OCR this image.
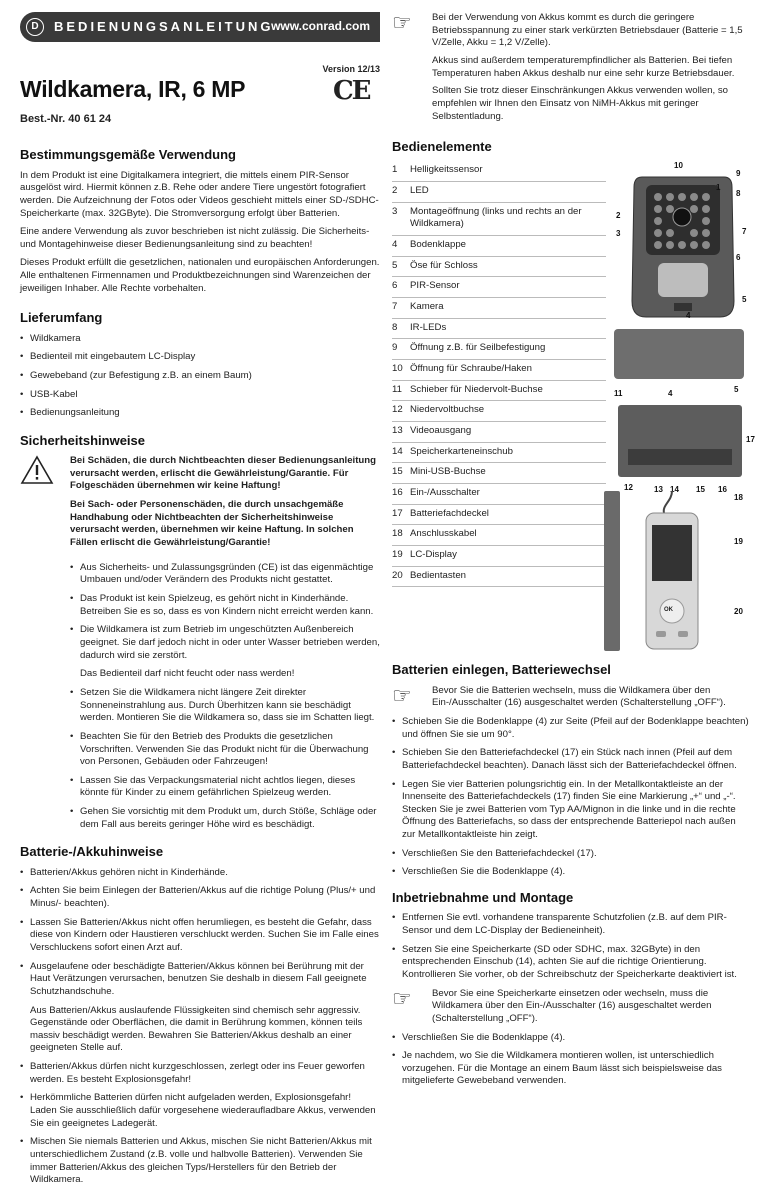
D	BEDIENUNGSANLEITUNG
www.conrad.com
Wildkamera, IR, 6 MP
Version 12/13
CE
Best.-Nr. 40 61 24
Bestimmungsgemäße Verwendung

In dem Produkt ist eine Digitalkamera integriert, die mittels einem PIR-Sensor ausgelöst wird. Hiermit können z.B. Rehe oder andere Tiere ungestört fotografiert werden. Die Aufzeichnung der Fotos oder Videos geschieht mittels einer SD-/SDHC-Speicherkarte (max. 32GByte). Die Stromversorgung erfolgt über Batterien.

Eine andere Verwendung als zuvor beschrieben ist nicht zulässig. Die Sicherheits- und Montagehinweise dieser Bedienungsanleitung sind zu beachten!

Dieses Produkt erfüllt die gesetzlichen, nationalen und europäischen Anforderungen. Alle enthaltenen Firmennamen und Produktbezeichnungen sind Warenzeichen der jeweiligen Inhaber. Alle Rechte vorbehalten.

Lieferumfang
• Wildkamera
• Bedienteil mit eingebautem LC-Display
• Gewebeband (zur Befestigung z.B. an einem Baum)
• USB-Kabel
• Bedienungsanleitung
Sicherheitshinweise

Bei Schäden, die durch Nichtbeachten dieser Bedienungsanleitung verursacht werden, erlischt die Gewährleistung/Garantie. Für Folgeschäden übernehmen wir keine Haftung!

Bei Sach- oder Personenschäden, die durch unsachgemäße Handhabung oder Nichtbeachten der Sicherheitshinweise verursacht werden, übernehmen wir keine Haftung. In solchen Fällen erlischt die Gewährleistung/Garantie!

• Aus Sicherheits- und Zulassungsgründen (CE) ist das eigenmächtige Umbauen und/oder Verändern des Produkts nicht gestattet.
• Das Produkt ist kein Spielzeug, es gehört nicht in Kinderhände. Betreiben Sie es so, dass es von Kindern nicht erreicht werden kann.
• Die Wildkamera ist zum Betrieb im ungeschützten Außenbereich geeignet. Sie darf jedoch nicht in oder unter Wasser betrieben werden, dadurch wird sie zerstört.
Das Bedienteil darf nicht feucht oder nass werden!
• Setzen Sie die Wildkamera nicht längere Zeit direkter Sonneneinstrahlung aus. Durch Überhitzen kann sie beschädigt werden. Montieren Sie die Wildkamera so, dass sie im Schatten liegt.
• Beachten Sie für den Betrieb des Produkts die gesetzlichen Vorschriften. Verwenden Sie das Produkt nicht für die Überwachung von Personen, Gebäuden oder Fahrzeugen!
• Lassen Sie das Verpackungsmaterial nicht achtlos liegen, dieses könnte für Kinder zu einem gefährlichen Spielzeug werden.
• Gehen Sie vorsichtig mit dem Produkt um, durch Stöße, Schläge oder dem Fall aus bereits geringer Höhe wird es beschädigt.
Batterie-/Akkuhinweise
• Batterien/Akkus gehören nicht in Kinderhände.
• Achten Sie beim Einlegen der Batterien/Akkus auf die richtige Polung (Plus/+ und Minus/- beachten).
• Lassen Sie Batterien/Akkus nicht offen herumliegen, es besteht die Gefahr, dass diese von Kindern oder Haustieren verschluckt werden. Suchen Sie im Falle eines Verschluckens sofort einen Arzt auf.
• Ausgelaufene oder beschädigte Batterien/Akkus können bei Berührung mit der Haut Verätzungen verursachen, benutzen Sie deshalb in diesem Fall geeignete Schutzhandschuhe.
Aus Batterien/Akkus auslaufende Flüssigkeiten sind chemisch sehr aggressiv. Gegenstände oder Oberflächen, die damit in Berührung kommen, können teils massiv beschädigt werden. Bewahren Sie Batterien/Akkus deshalb an einer geeigneten Stelle auf.
• Batterien/Akkus dürfen nicht kurzgeschlossen, zerlegt oder ins Feuer geworfen werden. Es besteht Explosionsgefahr!
• Herkömmliche Batterien dürfen nicht aufgeladen werden, Explosionsgefahr! Laden Sie ausschließlich dafür vorgesehene wiederaufladbare Akkus, verwenden Sie ein geeignetes Ladegerät.
• Mischen Sie niemals Batterien und Akkus, mischen Sie nicht Batterien/Akkus mit unterschiedlichem Zustand (z.B. volle und halbvolle Batterien). Verwenden Sie immer Batterien/Akkus des gleichen Typs/Herstellers für den Betrieb der Wildkamera.
☞	Bei der Verwendung von Akkus kommt es durch die geringere Betriebsspannung zu einer stark verkürzten Betriebsdauer (Batterie = 1,5 V/Zelle, Akku = 1,2 V/Zelle).

Akkus sind außerdem temperaturempfindlicher als Batterien. Bei tiefen Temperaturen haben Akkus deshalb nur eine sehr kurze Betriebsdauer.

Sollten Sie trotz dieser Einschränkungen Akkus verwenden wollen, so empfehlen wir Ihnen den Einsatz von NiMH-Akkus mit geringer Selbstentladung.

Bedienelemente
1	Helligkeitssensor
2	LED
3	Montageöffnung (links und rechts an der Wildkamera)
4	Bodenklappe
5	Öse für Schloss
6	PIR-Sensor
7	Kamera
8	IR-LEDs
9	Öffnung z.B. für Seilbefestigung
10	Öffnung für Schraube/Haken
11	Schieber für Niedervolt-Buchse
12	Niedervoltbuchse
13	Videoausgang
14	Speicherkarteneinschub
15	Mini-USB-Buchse
16	Ein-/Ausschalter
17	Batteriefachdeckel
18	Anschlusskabel
19	LC-Display
20	Bedientasten
10
9
1
8
2
3	7
6
5
4
11	4	5
17
12	13 14 15 16
OK
18
19
20
Batterien einlegen, Batteriewechsel
☞	Bevor Sie die Batterien wechseln, muss die Wildkamera über den Ein-/Ausschalter (16) ausgeschaltet werden (Schalterstellung „OFF“).
• Schieben Sie die Bodenklappe (4) zur Seite (Pfeil auf der Bodenklappe beachten) und öffnen Sie sie um 90°.
• Schieben Sie den Batteriefachdeckel (17) ein Stück nach innen (Pfeil auf dem Batteriefachdeckel beachten). Danach lässt sich der Batteriefachdeckel öffnen.
• Legen Sie vier Batterien polungsrichtig ein. In der Metallkontaktleiste an der Innenseite des Batteriefachdeckels (17) finden Sie eine Markierung „+“ und „-“. Stecken Sie je zwei Batterien vom Typ AA/Mignon in die linke und in die rechte Öffnung des Batteriefachs, so dass der entsprechende Batteriepol nach außen zur Metallkontaktleiste hin zeigt.
• Verschließen Sie den Batteriefachdeckel (17).
• Verschließen Sie die Bodenklappe (4).
Inbetriebnahme und Montage
• Entfernen Sie evtl. vorhandene transparente Schutzfolien (z.B. auf dem PIR-Sensor und dem LC-Display der Bedieneinheit).
• Setzen Sie eine Speicherkarte (SD oder SDHC, max. 32GByte) in den entsprechenden Einschub (14), achten Sie auf die richtige Orientierung. Kontrollieren Sie vorher, ob der Schreibschutz der Speicherkarte deaktiviert ist.
☞	Bevor Sie eine Speicherkarte einsetzen oder wechseln, muss die Wildkamera über den Ein-/Ausschalter (16) ausgeschaltet werden (Schalterstellung „OFF“).
• Verschließen Sie die Bodenklappe (4).
• Je nachdem, wo Sie die Wildkamera montieren wollen, ist unterschiedlich vorzugehen. Für die Montage an einem Baum lässt sich beispielsweise das mitgelieferte Gewebeband verwenden.
